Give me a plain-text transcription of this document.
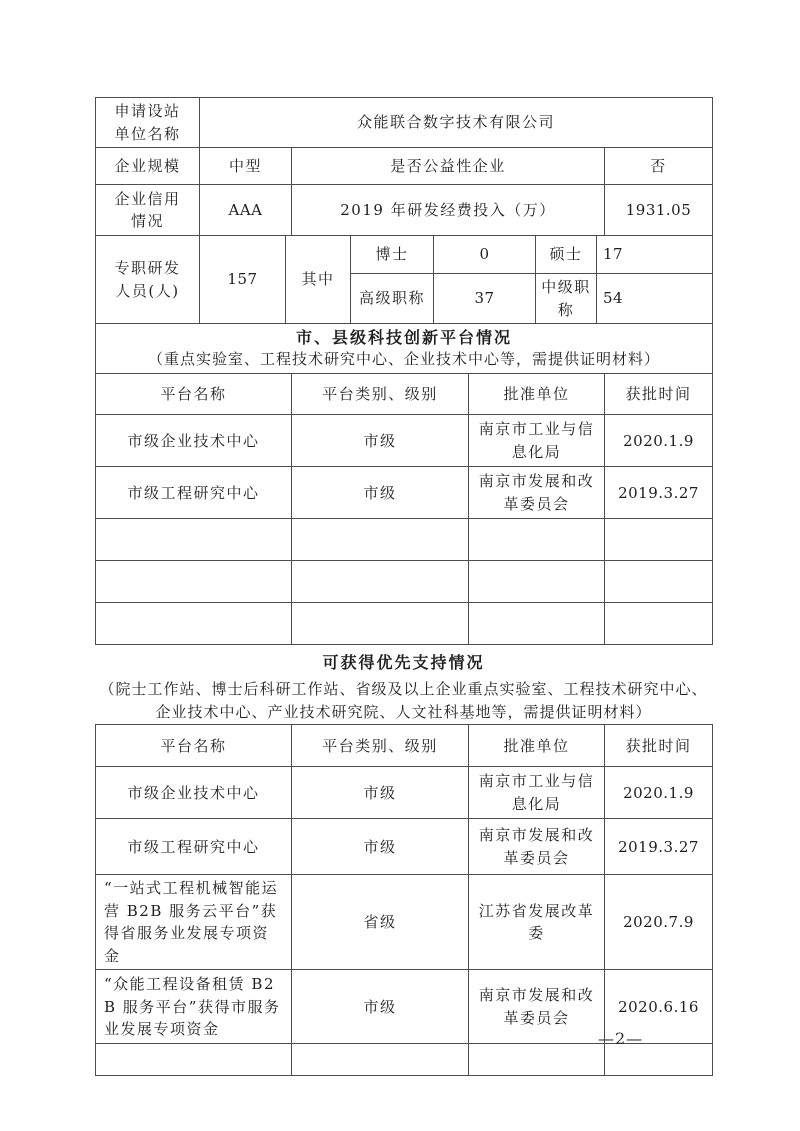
申请设站单位名称	众能联合数字技术有限公司		
企业规模	中型	是否公益性企业	否
企业信用情况	AAA	2019 年研发经费投入（万）	1931.05
专职研发人员(人)	157	其中	博士	0	硕士	17
			高级职称	37	中级职称	54
市、县级科技创新平台情况
（重点实验室、工程技术研究中心、企业技术中心等，需提供证明材料）			

平台名称	平台类别、级别	批准单位	获批时间
市级企业技术中心	市级	南京市工业与信息化局	2020.1.9
市级工程研究中心	市级	南京市发展和改革委员会	2019.3.27

可获得优先支持情况
（院士工作站、博士后科研工作站、省级及以上企业重点实验室、工程技术研究中心、企业技术中心、产业技术研究院、人文社科基地等，需提供证明材料）
平台名称	平台类别、级别	批准单位	获批时间
市级企业技术中心	市级	南京市工业与信息化局	2020.1.9
市级工程研究中心	市级	南京市发展和改革委员会	2019.3.27
“一站式工程机械智能运营 B2B 服务云平台”获得省服务业发展专项资金	省级	江苏省发展改革委	2020.7.9
“众能工程设备租赁 B2B 服务平台”获得市服务业发展专项资金	市级	南京市发展和改革委员会	2020.6.16

—2—
